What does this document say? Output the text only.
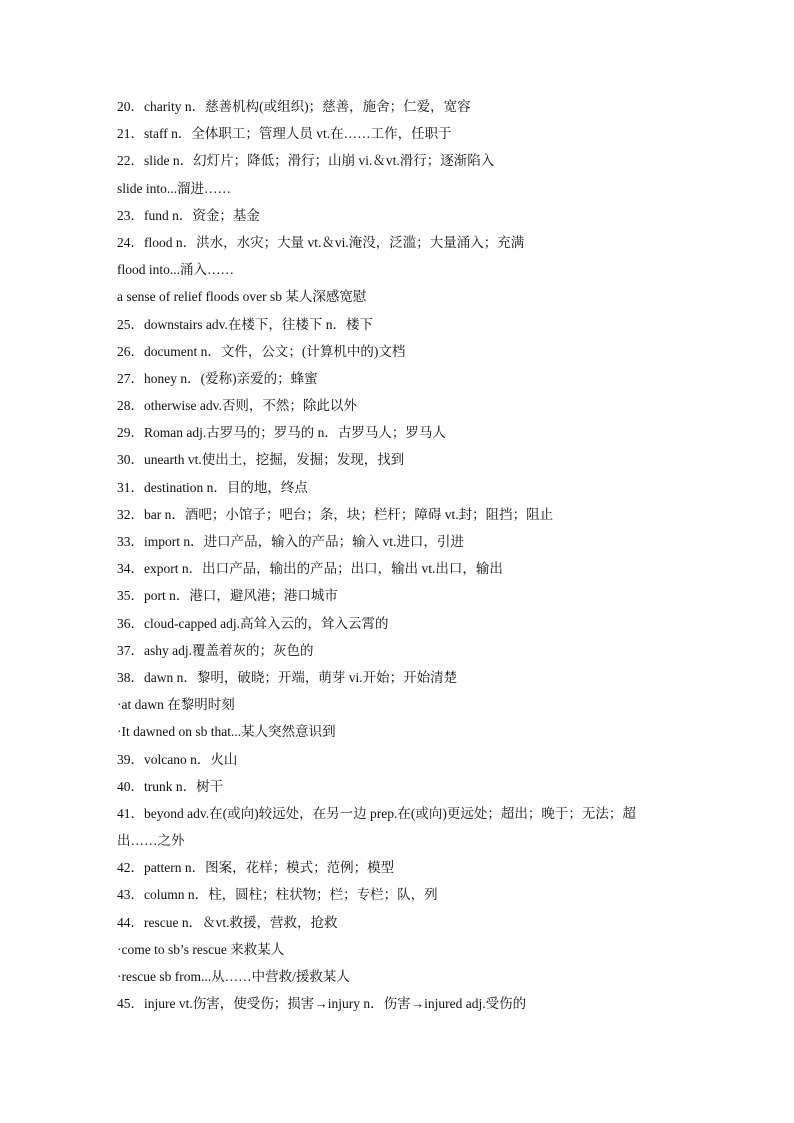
20．charity n．慈善机构(或组织)；慈善，施舍；仁爱，宽容
21．staff n．全体职工；管理人员 vt.在……工作，任职于
22．slide n．幻灯片；降低；滑行；山崩 vi.＆vt.滑行；逐渐陷入
slide into...溜进……
23．fund n．资金；基金
24．flood n．洪水，水灾；大量 vt.＆vi.淹没，泛滥；大量涌入；充满
flood into...涌入……
a sense of relief floods over sb 某人深感宽慰
25．downstairs adv.在楼下，往楼下 n．楼下
26．document n．文件，公文；(计算机中的)文档
27．honey n．(爱称)亲爱的；蜂蜜
28．otherwise adv.否则，不然；除此以外
29．Roman adj.古罗马的；罗马的 n．古罗马人；罗马人
30．unearth vt.使出土，挖掘，发掘；发现，找到
31．destination n．目的地，终点
32．bar n．酒吧；小馆子；吧台；条，块；栏杆；障碍 vt.封；阻挡；阻止
33．import n．进口产品，输入的产品；输入 vt.进口，引进
34．export n．出口产品，输出的产品；出口，输出 vt.出口，输出
35．port n．港口，避风港；港口城市
36．cloud-capped adj.高耸入云的，耸入云霄的
37．ashy adj.覆盖着灰的；灰色的
38．dawn n．黎明，破晓；开端，萌芽 vi.开始；开始清楚
·at dawn 在黎明时刻
·It dawned on sb that...某人突然意识到
39．volcano n．火山
40．trunk n．树干
41．beyond adv.在(或向)较远处，在另一边 prep.在(或向)更远处；超出；晚于；无法；超
出……之外
42．pattern n．图案，花样；模式；范例；模型
43．column n．柱，圆柱；柱状物；栏；专栏；队，列
44．rescue n．＆vt.救援，营救，抢救
·come to sb’s rescue 来救某人
·rescue sb from...从……中营救/援救某人
45．injure vt.伤害，使受伤；损害→injury n．伤害→injured adj.受伤的
